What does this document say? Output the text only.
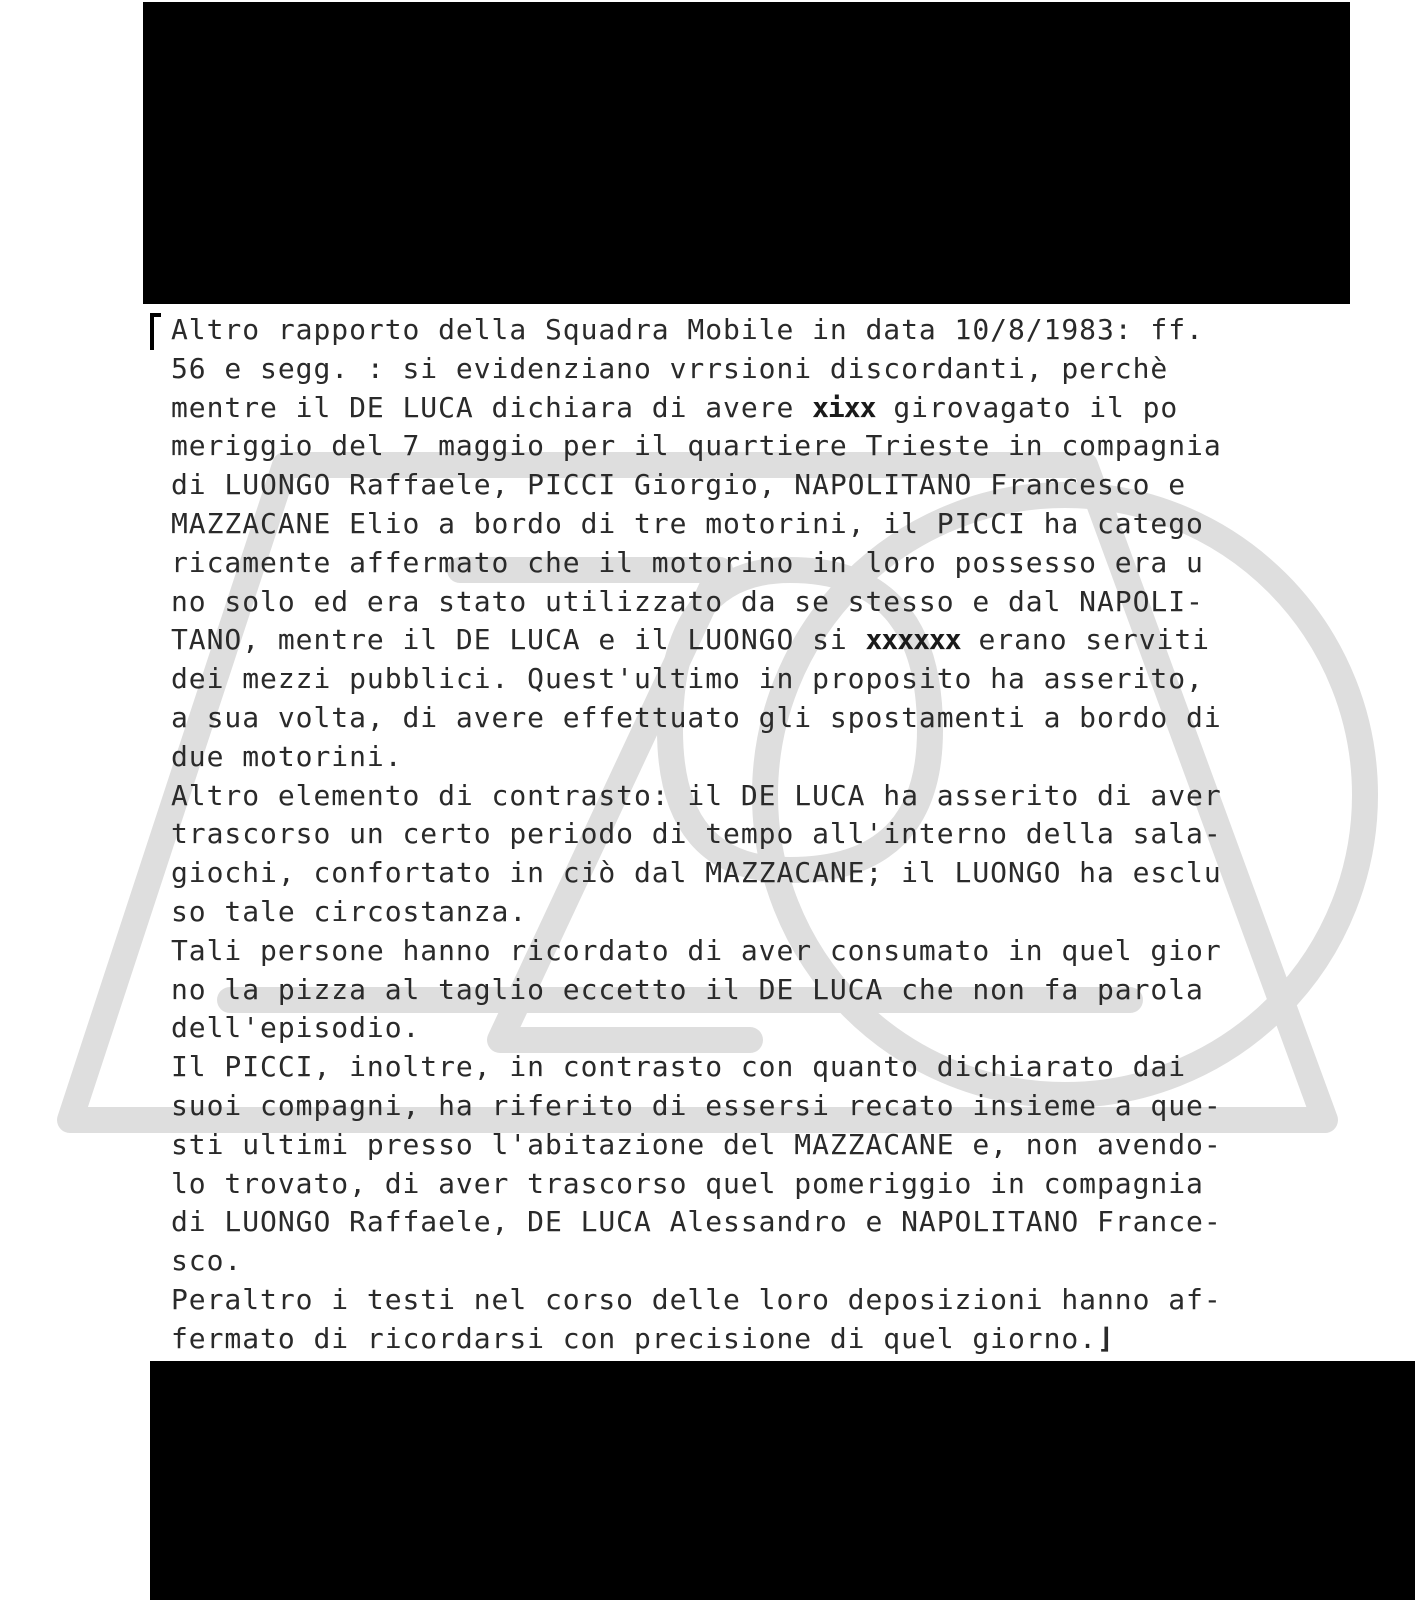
Altro rapporto della Squadra Mobile in data 10/8/1983: ff.
56 e segg. : si evidenziano vrrsioni discordanti, perchè
mentre il DE LUCA dichiara di avere xixx girovagato il po
meriggio del 7 maggio per il quartiere Trieste in compagnia
di LUONGO Raffaele, PICCI Giorgio, NAPOLITANO Francesco e
MAZZACANE Elio a bordo di tre motorini, il PICCI ha catego
ricamente affermato che il motorino in loro possesso era u
no solo ed era stato utilizzato da se stesso e dal NAPOLI-
TANO, mentre il DE LUCA e il LUONGO si xxxxxx erano serviti
dei mezzi pubblici. Quest'ultimo in proposito ha asserito,
a sua volta, di avere effettuato gli spostamenti a bordo di
due motorini.
Altro elemento di contrasto: il DE LUCA ha asserito di aver
trascorso un certo periodo di tempo all'interno della sala-
giochi, confortato in ciò dal MAZZACANE; il LUONGO ha esclu
so tale circostanza.
Tali persone hanno ricordato di aver consumato in quel gior
no la pizza al taglio eccetto il DE LUCA che non fa parola
dell'episodio.
Il PICCI, inoltre, in contrasto con quanto dichiarato dai
suoi compagni, ha riferito di essersi recato insieme a que-
sti ultimi presso l'abitazione del MAZZACANE e, non avendo-
lo trovato, di aver trascorso quel pomeriggio in compagnia
di LUONGO Raffaele, DE LUCA Alessandro e NAPOLITANO France-
sco.
Peraltro i testi nel corso delle loro deposizioni hanno af-
fermato di ricordarsi con precisione di quel giorno.⌋
